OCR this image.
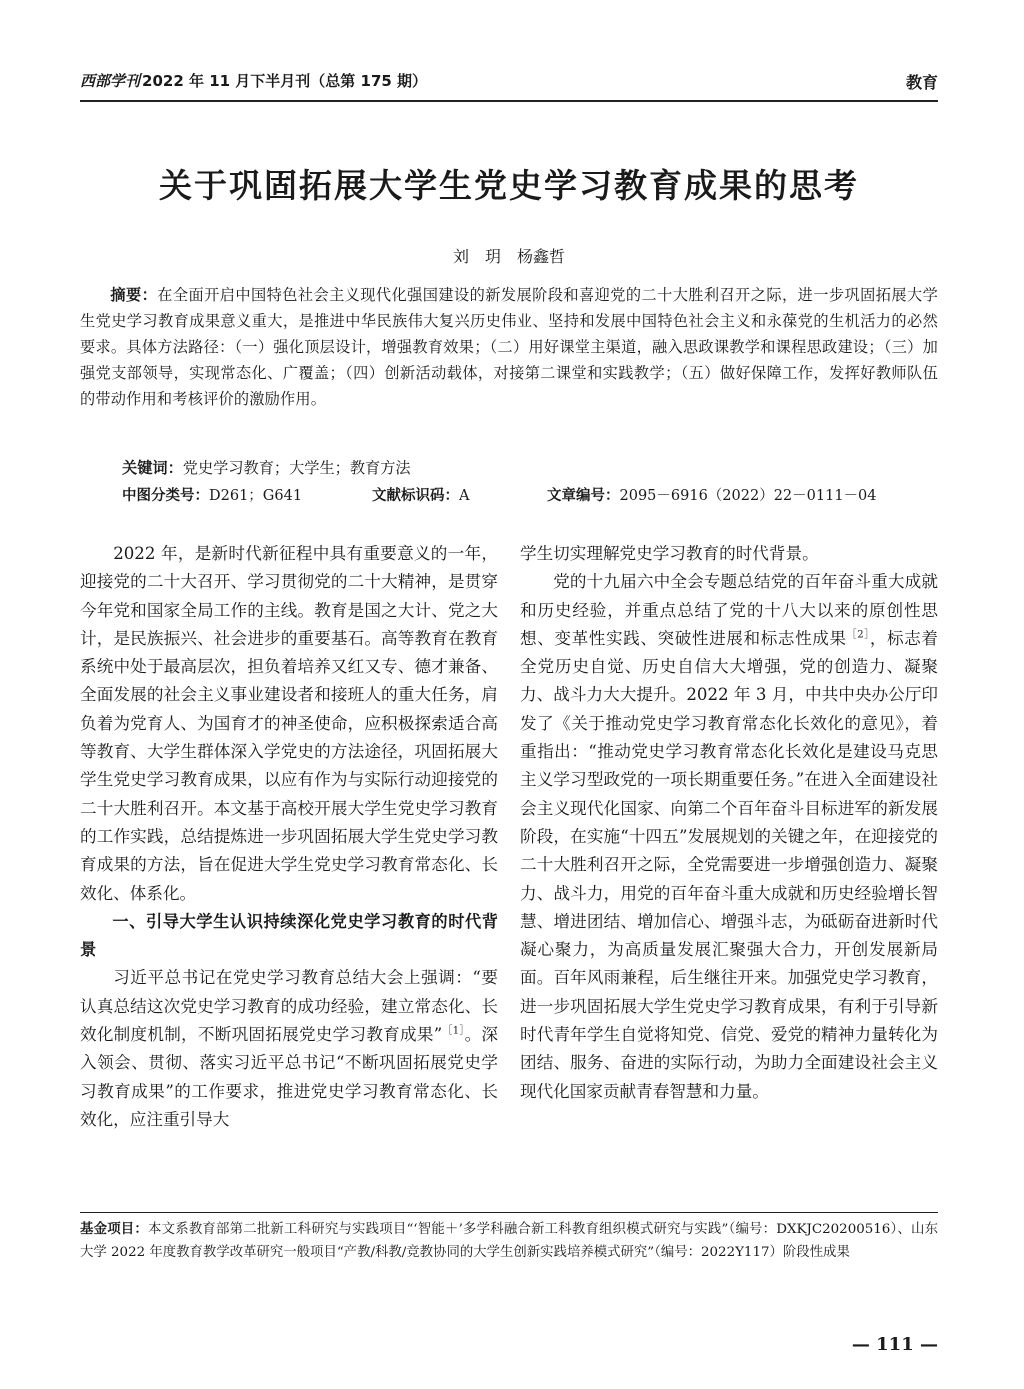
西部学刊 2022 年 11 月下半月刊（总第 175 期）	教育
关于巩固拓展大学生党史学习教育成果的思考
刘　玥　杨鑫哲
摘要：在全面开启中国特色社会主义现代化强国建设的新发展阶段和喜迎党的二十大胜利召开之际，进一步巩固拓展大学生党史学习教育成果意义重大，是推进中华民族伟大复兴历史伟业、坚持和发展中国特色社会主义和永葆党的生机活力的必然要求。具体方法路径：（一）强化顶层设计，增强教育效果；（二）用好课堂主渠道，融入思政课教学和课程思政建设；（三）加强党支部领导，实现常态化、广覆盖；（四）创新活动载体，对接第二课堂和实践教学；（五）做好保障工作，发挥好教师队伍的带动作用和考核评价的激励作用。
关键词：党史学习教育；大学生；教育方法
中图分类号：D261；G641	文献标识码：A	文章编号：2095－6916（2022）22－0111－04

2022 年，是新时代新征程中具有重要意义的一年，迎接党的二十大召开、学习贯彻党的二十大精神，是贯穿今年党和国家全局工作的主线。教育是国之大计、党之大计，是民族振兴、社会进步的重要基石。高等教育在教育系统中处于最高层次，担负着培养又红又专、德才兼备、全面发展的社会主义事业建设者和接班人的重大任务，肩负着为党育人、为国育才的神圣使命，应积极探索适合高等教育、大学生群体深入学党史的方法途径，巩固拓展大学生党史学习教育成果，以应有作为与实际行动迎接党的二十大胜利召开。本文基于高校开展大学生党史学习教育的工作实践，总结提炼进一步巩固拓展大学生党史学习教育成果的方法，旨在促进大学生党史学习教育常态化、长效化、体系化。

一、引导大学生认识持续深化党史学习教育的时代背景

习近平总书记在党史学习教育总结大会上强调：“要认真总结这次党史学习教育的成功经验，建立常态化、长效化制度机制，不断巩固拓展党史学习教育成果”$^{[1]}$。深入领会、贯彻、落实习近平总书记“不断巩固拓展党史学习教育成果”的工作要求，推进党史学习教育常态化、长效化，应注重引导大

学生切实理解党史学习教育的时代背景。

党的十九届六中全会专题总结党的百年奋斗重大成就和历史经验，并重点总结了党的十八大以来的原创性思想、变革性实践、突破性进展和标志性成果$^{[2]}$，标志着全党历史自觉、历史自信大大增强，党的创造力、凝聚力、战斗力大大提升。2022 年 3 月，中共中央办公厅印发了《关于推动党史学习教育常态化长效化的意见》，着重指出：“推动党史学习教育常态化长效化是建设马克思主义学习型政党的一项长期重要任务。”在进入全面建设社会主义现代化国家、向第二个百年奋斗目标进军的新发展阶段，在实施“十四五”发展规划的关键之年，在迎接党的二十大胜利召开之际，全党需要进一步增强创造力、凝聚力、战斗力，用党的百年奋斗重大成就和历史经验增长智慧、增进团结、增加信心、增强斗志，为砥砺奋进新时代凝心聚力，为高质量发展汇聚强大合力，开创发展新局面。百年风雨兼程，后生继往开来。加强党史学习教育，进一步巩固拓展大学生党史学习教育成果，有利于引导新时代青年学生自觉将知党、信党、爱党的精神力量转化为团结、服务、奋进的实际行动，为助力全面建设社会主义现代化国家贡献青春智慧和力量。

基金项目：本文系教育部第二批新工科研究与实践项目“‘智能＋’多学科融合新工科教育组织模式研究与实践”（编号：DXKJC20200516）、山东大学 2022 年度教育教学改革研究一般项目“产教/科教/竞教协同的大学生创新实践培养模式研究”（编号：2022Y117）阶段性成果
— 111 —
